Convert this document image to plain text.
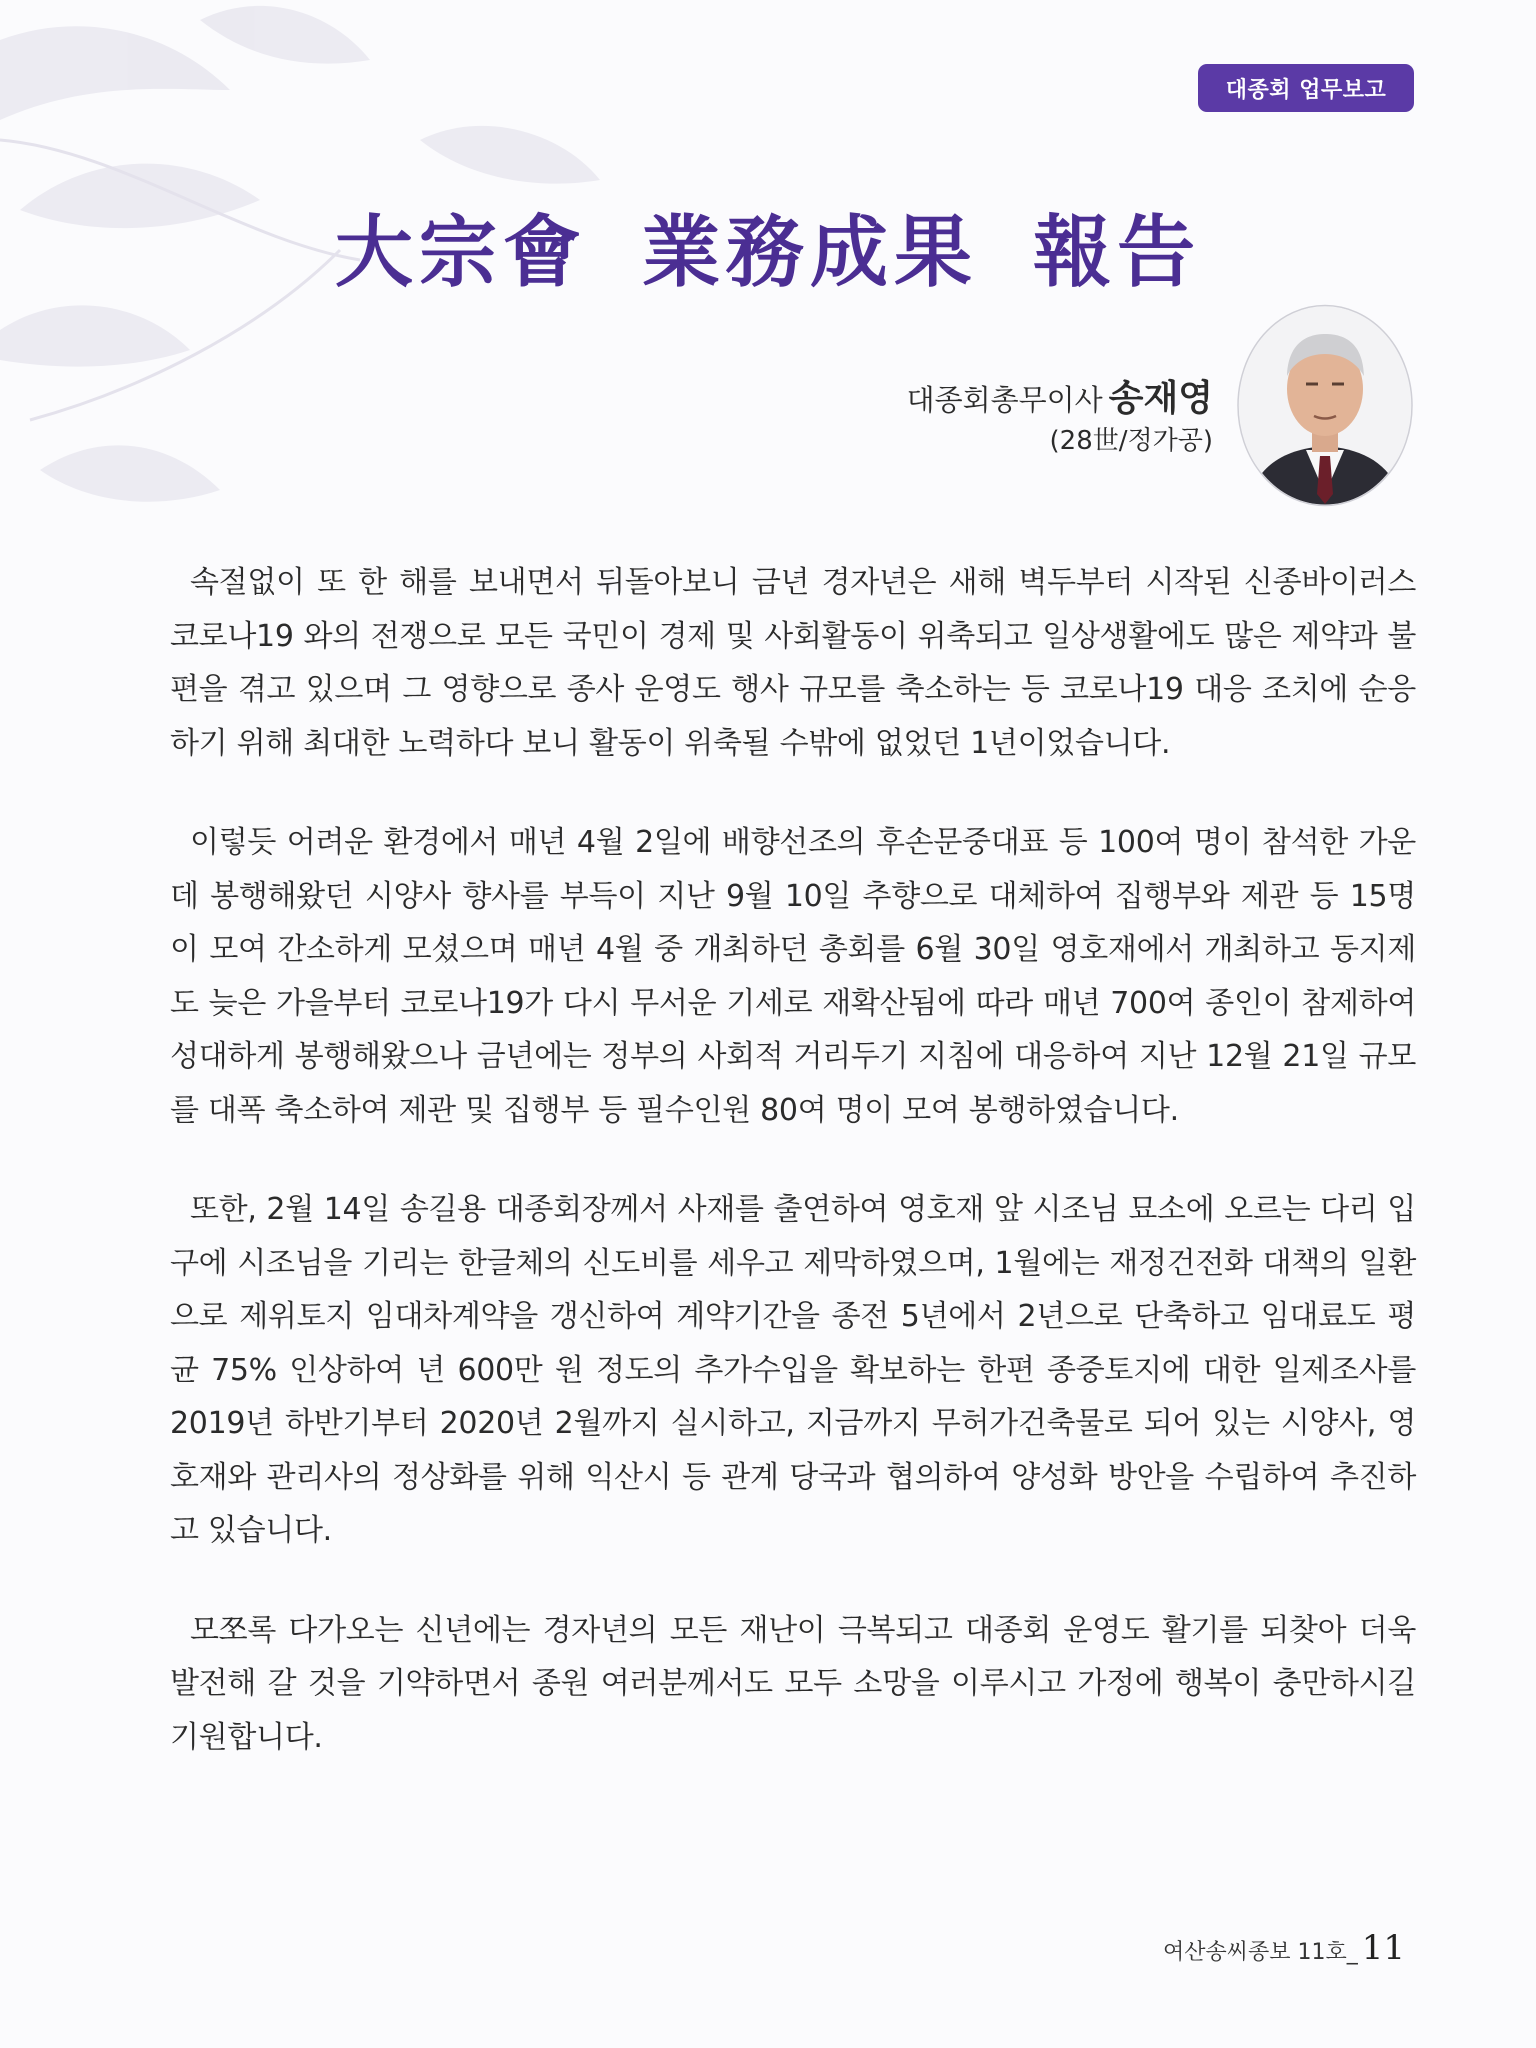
대종회 업무보고
大宗會 業務成果 報告
대종회총무이사 송재영
(28世/정가공)

속절없이 또 한 해를 보내면서 뒤돌아보니 금년 경자년은 새해 벽두부터 시작된 신종바이러스 코로나19 와의 전쟁으로 모든 국민이 경제 및 사회활동이 위축되고 일상생활에도 많은 제약과 불편을 겪고 있으며 그 영향으로 종사 운영도 행사 규모를 축소하는 등 코로나19 대응 조치에 순응하기 위해 최대한 노력하다 보니 활동이 위축될 수밖에 없었던 1년이었습니다.

이렇듯 어려운 환경에서 매년 4월 2일에 배향선조의 후손문중대표 등 100여 명이 참석한 가운데 봉행해왔던 시양사 향사를 부득이 지난 9월 10일 추향으로 대체하여 집행부와 제관 등 15명이 모여 간소하게 모셨으며 매년 4월 중 개최하던 총회를 6월 30일 영호재에서 개최하고 동지제도 늦은 가을부터 코로나19가 다시 무서운 기세로 재확산됨에 따라 매년 700여 종인이 참제하여 성대하게 봉행해왔으나 금년에는 정부의 사회적 거리두기 지침에 대응하여 지난 12월 21일 규모를 대폭 축소하여 제관 및 집행부 등 필수인원 80여 명이 모여 봉행하였습니다.

또한, 2월 14일 송길용 대종회장께서 사재를 출연하여 영호재 앞 시조님 묘소에 오르는 다리 입구에 시조님을 기리는 한글체의 신도비를 세우고 제막하였으며, 1월에는 재정건전화 대책의 일환으로 제위토지 임대차계약을 갱신하여 계약기간을 종전 5년에서 2년으로 단축하고 임대료도 평균 75% 인상하여 년 600만 원 정도의 추가수입을 확보하는 한편 종중토지에 대한 일제조사를 2019년 하반기부터 2020년 2월까지 실시하고, 지금까지 무허가건축물로 되어 있는 시양사, 영호재와 관리사의 정상화를 위해 익산시 등 관계 당국과 협의하여 양성화 방안을 수립하여 추진하고 있습니다.

모쪼록 다가오는 신년에는 경자년의 모든 재난이 극복되고 대종회 운영도 활기를 되찾아 더욱 발전해 갈 것을 기약하면서 종원 여러분께서도 모두 소망을 이루시고 가정에 행복이 충만하시길 기원합니다.

여산송씨종보 11호_ 11
